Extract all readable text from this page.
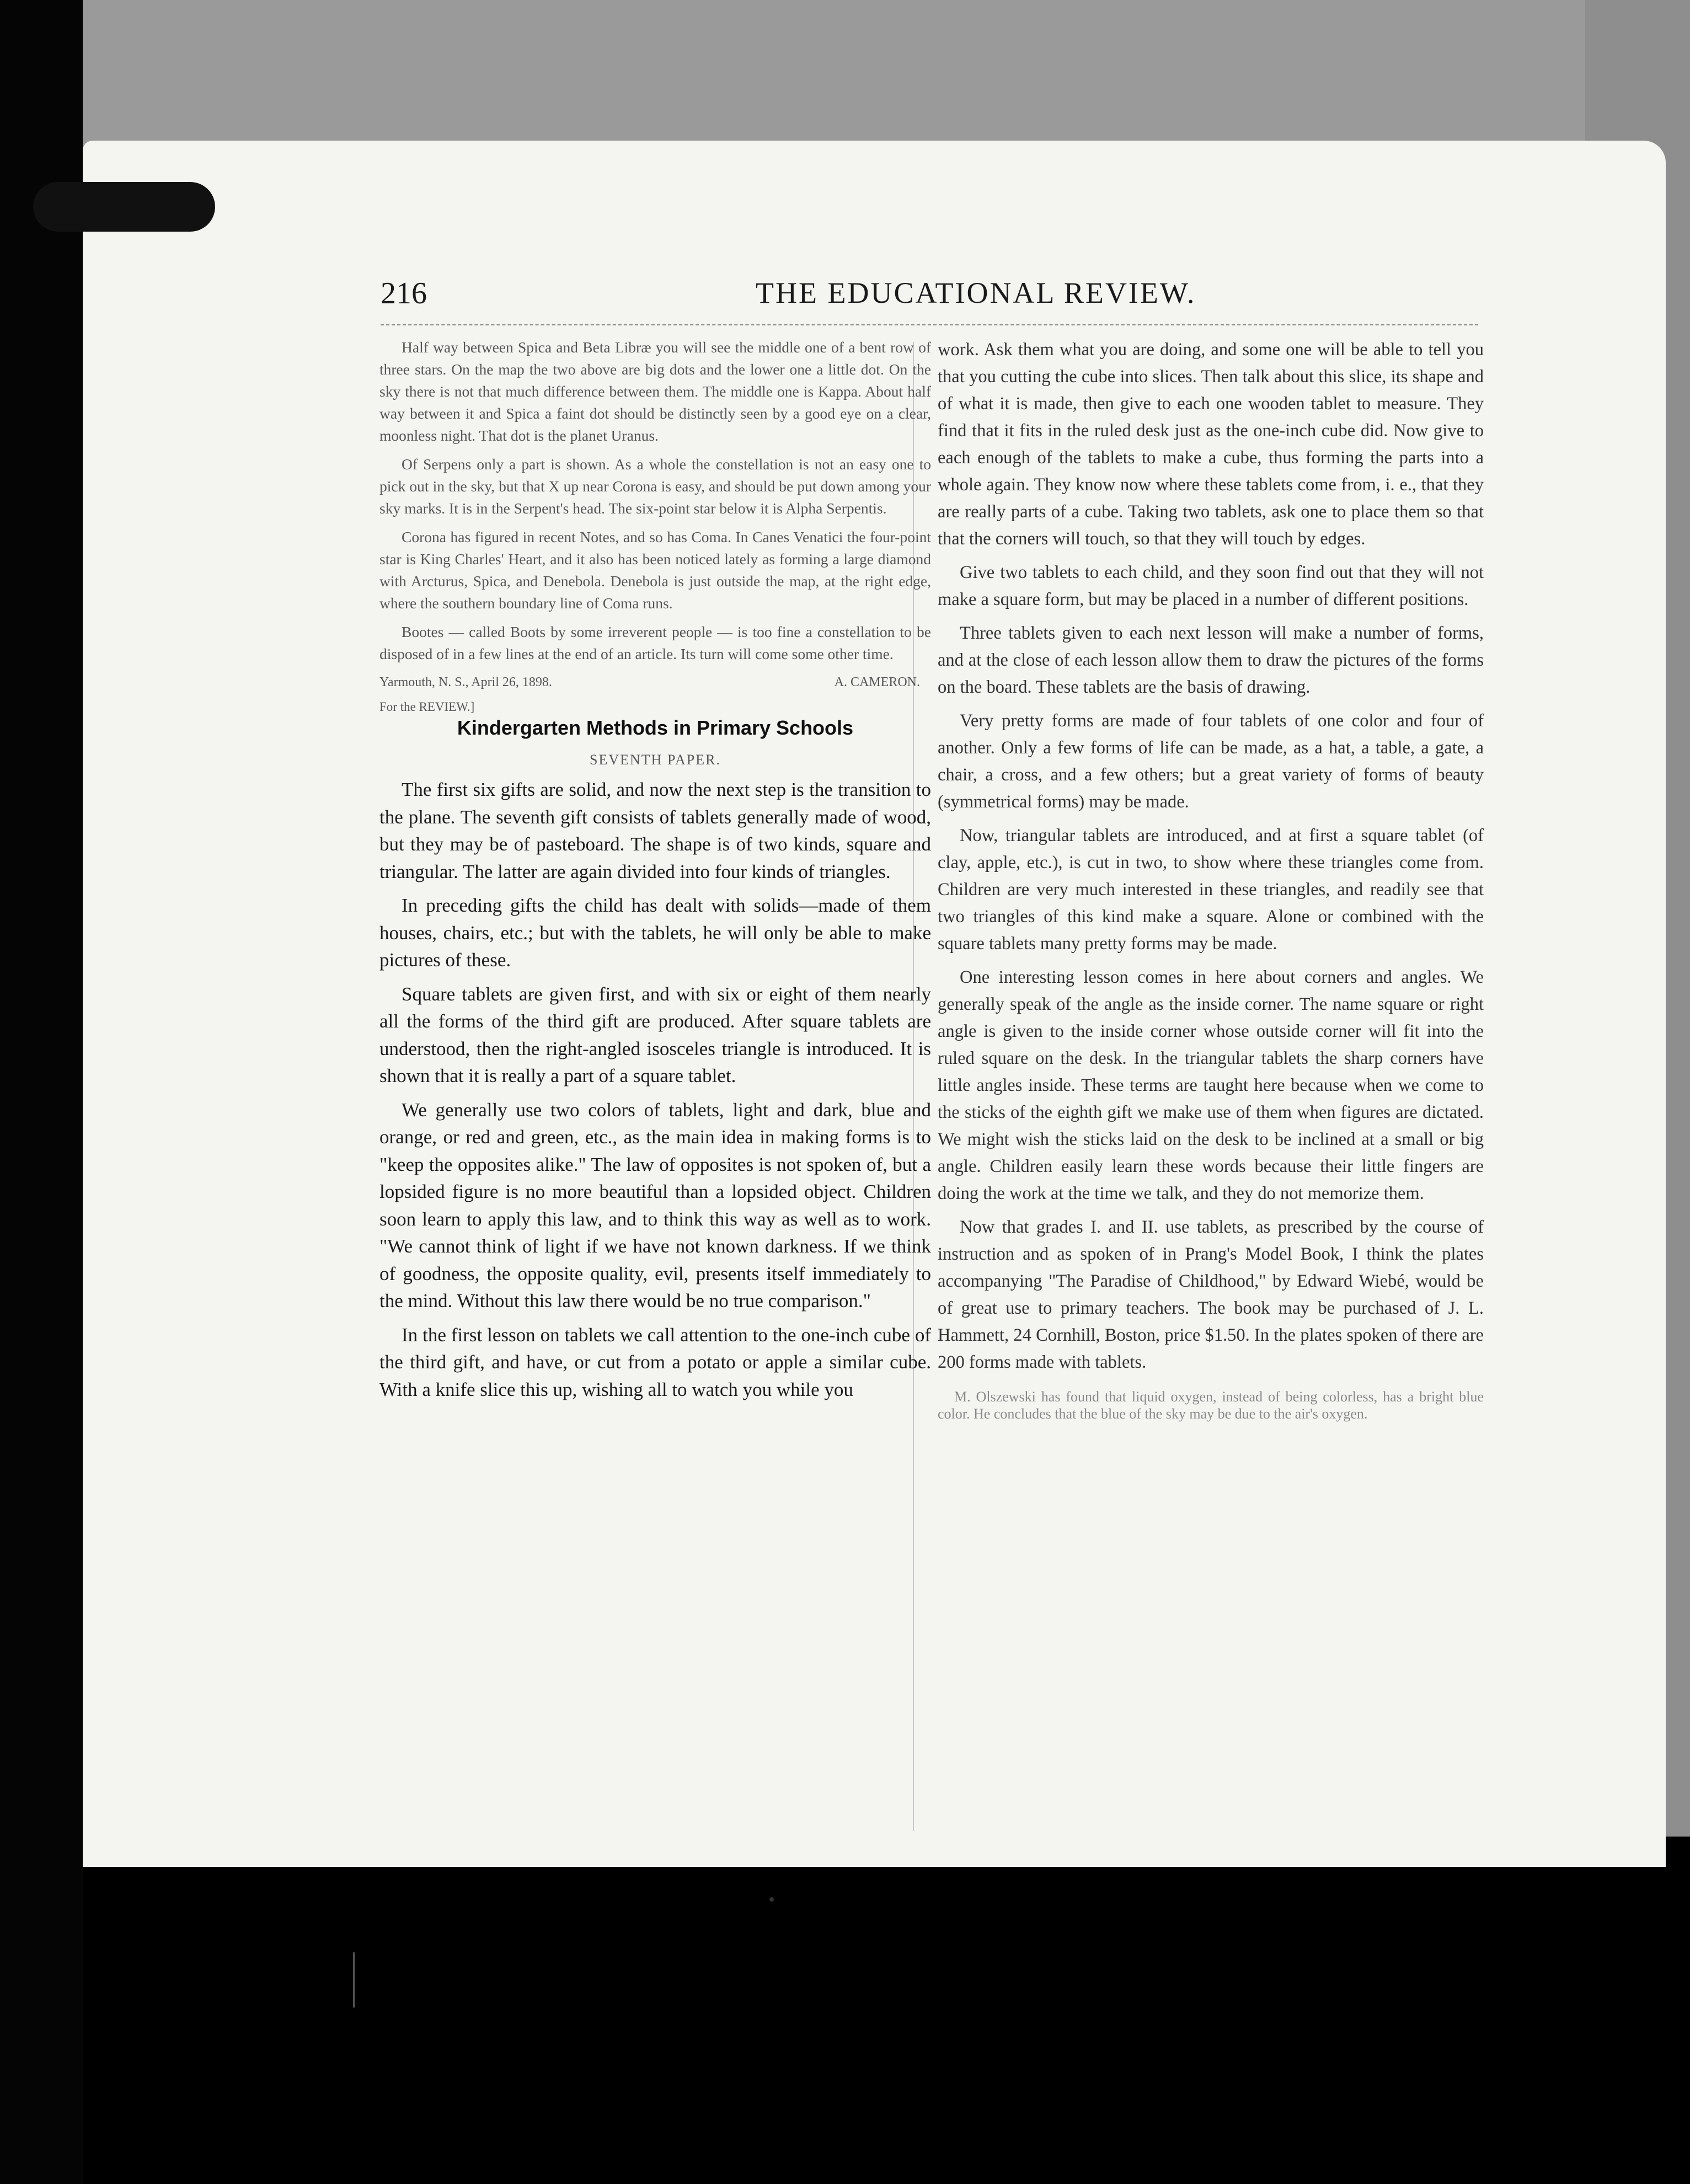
216	THE EDUCATIONAL REVIEW.

Half way between Spica and Beta Libræ you will see the middle one of a bent row of three stars. On the map the two above are big dots and the lower one a little dot. On the sky there is not that much difference between them. The middle one is Kappa. About half way between it and Spica a faint dot should be distinctly seen by a good eye on a clear, moonless night. That dot is the planet Uranus.

Of Serpens only a part is shown. As a whole the constellation is not an easy one to pick out in the sky, but that X up near Corona is easy, and should be put down among your sky marks. It is in the Serpent's head. The six-point star below it is Alpha Serpentis.

Corona has figured in recent Notes, and so has Coma. In Canes Venatici the four-point star is King Charles' Heart, and it also has been noticed lately as forming a large diamond with Arcturus, Spica, and Denebola. Denebola is just outside the map, at the right edge, where the southern boundary line of Coma runs.

Bootes — called Boots by some irreverent people — is too fine a constellation to be disposed of in a few lines at the end of an article. Its turn will come some other time.

Yarmouth, N. S., April 26, 1898.	A. CAMERON.
For the REVIEW.]
Kindergarten Methods in Primary Schools
SEVENTH PAPER.

The first six gifts are solid, and now the next step is the transition to the plane. The seventh gift consists of tablets generally made of wood, but they may be of pasteboard. The shape is of two kinds, square and triangular. The latter are again divided into four kinds of triangles.

In preceding gifts the child has dealt with solids—made of them houses, chairs, etc.; but with the tablets, he will only be able to make pictures of these.

Square tablets are given first, and with six or eight of them nearly all the forms of the third gift are produced. After square tablets are understood, then the right-angled isosceles triangle is introduced. It is shown that it is really a part of a square tablet.

We generally use two colors of tablets, light and dark, blue and orange, or red and green, etc., as the main idea in making forms is to "keep the opposites alike." The law of opposites is not spoken of, but a lopsided figure is no more beautiful than a lopsided object. Children soon learn to apply this law, and to think this way as well as to work. "We cannot think of light if we have not known darkness. If we think of goodness, the opposite quality, evil, presents itself immediately to the mind. Without this law there would be no true comparison."

In the first lesson on tablets we call attention to the one-inch cube of the third gift, and have, or cut from a potato or apple a similar cube. With a knife slice this up, wishing all to watch you while you

work. Ask them what you are doing, and some one will be able to tell you that you cutting the cube into slices. Then talk about this slice, its shape and of what it is made, then give to each one wooden tablet to measure. They find that it fits in the ruled desk just as the one-inch cube did. Now give to each enough of the tablets to make a cube, thus forming the parts into a whole again. They know now where these tablets come from, i. e., that they are really parts of a cube. Taking two tablets, ask one to place them so that that the corners will touch, so that they will touch by edges.

Give two tablets to each child, and they soon find out that they will not make a square form, but may be placed in a number of different positions.

Three tablets given to each next lesson will make a number of forms, and at the close of each lesson allow them to draw the pictures of the forms on the board. These tablets are the basis of drawing.

Very pretty forms are made of four tablets of one color and four of another. Only a few forms of life can be made, as a hat, a table, a gate, a chair, a cross, and a few others; but a great variety of forms of beauty (symmetrical forms) may be made.

Now, triangular tablets are introduced, and at first a square tablet (of clay, apple, etc.), is cut in two, to show where these triangles come from. Children are very much interested in these triangles, and readily see that two triangles of this kind make a square. Alone or combined with the square tablets many pretty forms may be made.

One interesting lesson comes in here about corners and angles. We generally speak of the angle as the inside corner. The name square or right angle is given to the inside corner whose outside corner will fit into the ruled square on the desk. In the triangular tablets the sharp corners have little angles inside. These terms are taught here because when we come to the sticks of the eighth gift we make use of them when figures are dictated. We might wish the sticks laid on the desk to be inclined at a small or big angle. Children easily learn these words because their little fingers are doing the work at the time we talk, and they do not memorize them.

Now that grades I. and II. use tablets, as prescribed by the course of instruction and as spoken of in Prang's Model Book, I think the plates accompanying "The Paradise of Childhood," by Edward Wiebé, would be of great use to primary teachers. The book may be purchased of J. L. Hammett, 24 Cornhill, Boston, price $1.50. In the plates spoken of there are 200 forms made with tablets.

M. Olszewski has found that liquid oxygen, instead of being colorless, has a bright blue color. He concludes that the blue of the sky may be due to the air's oxygen.
